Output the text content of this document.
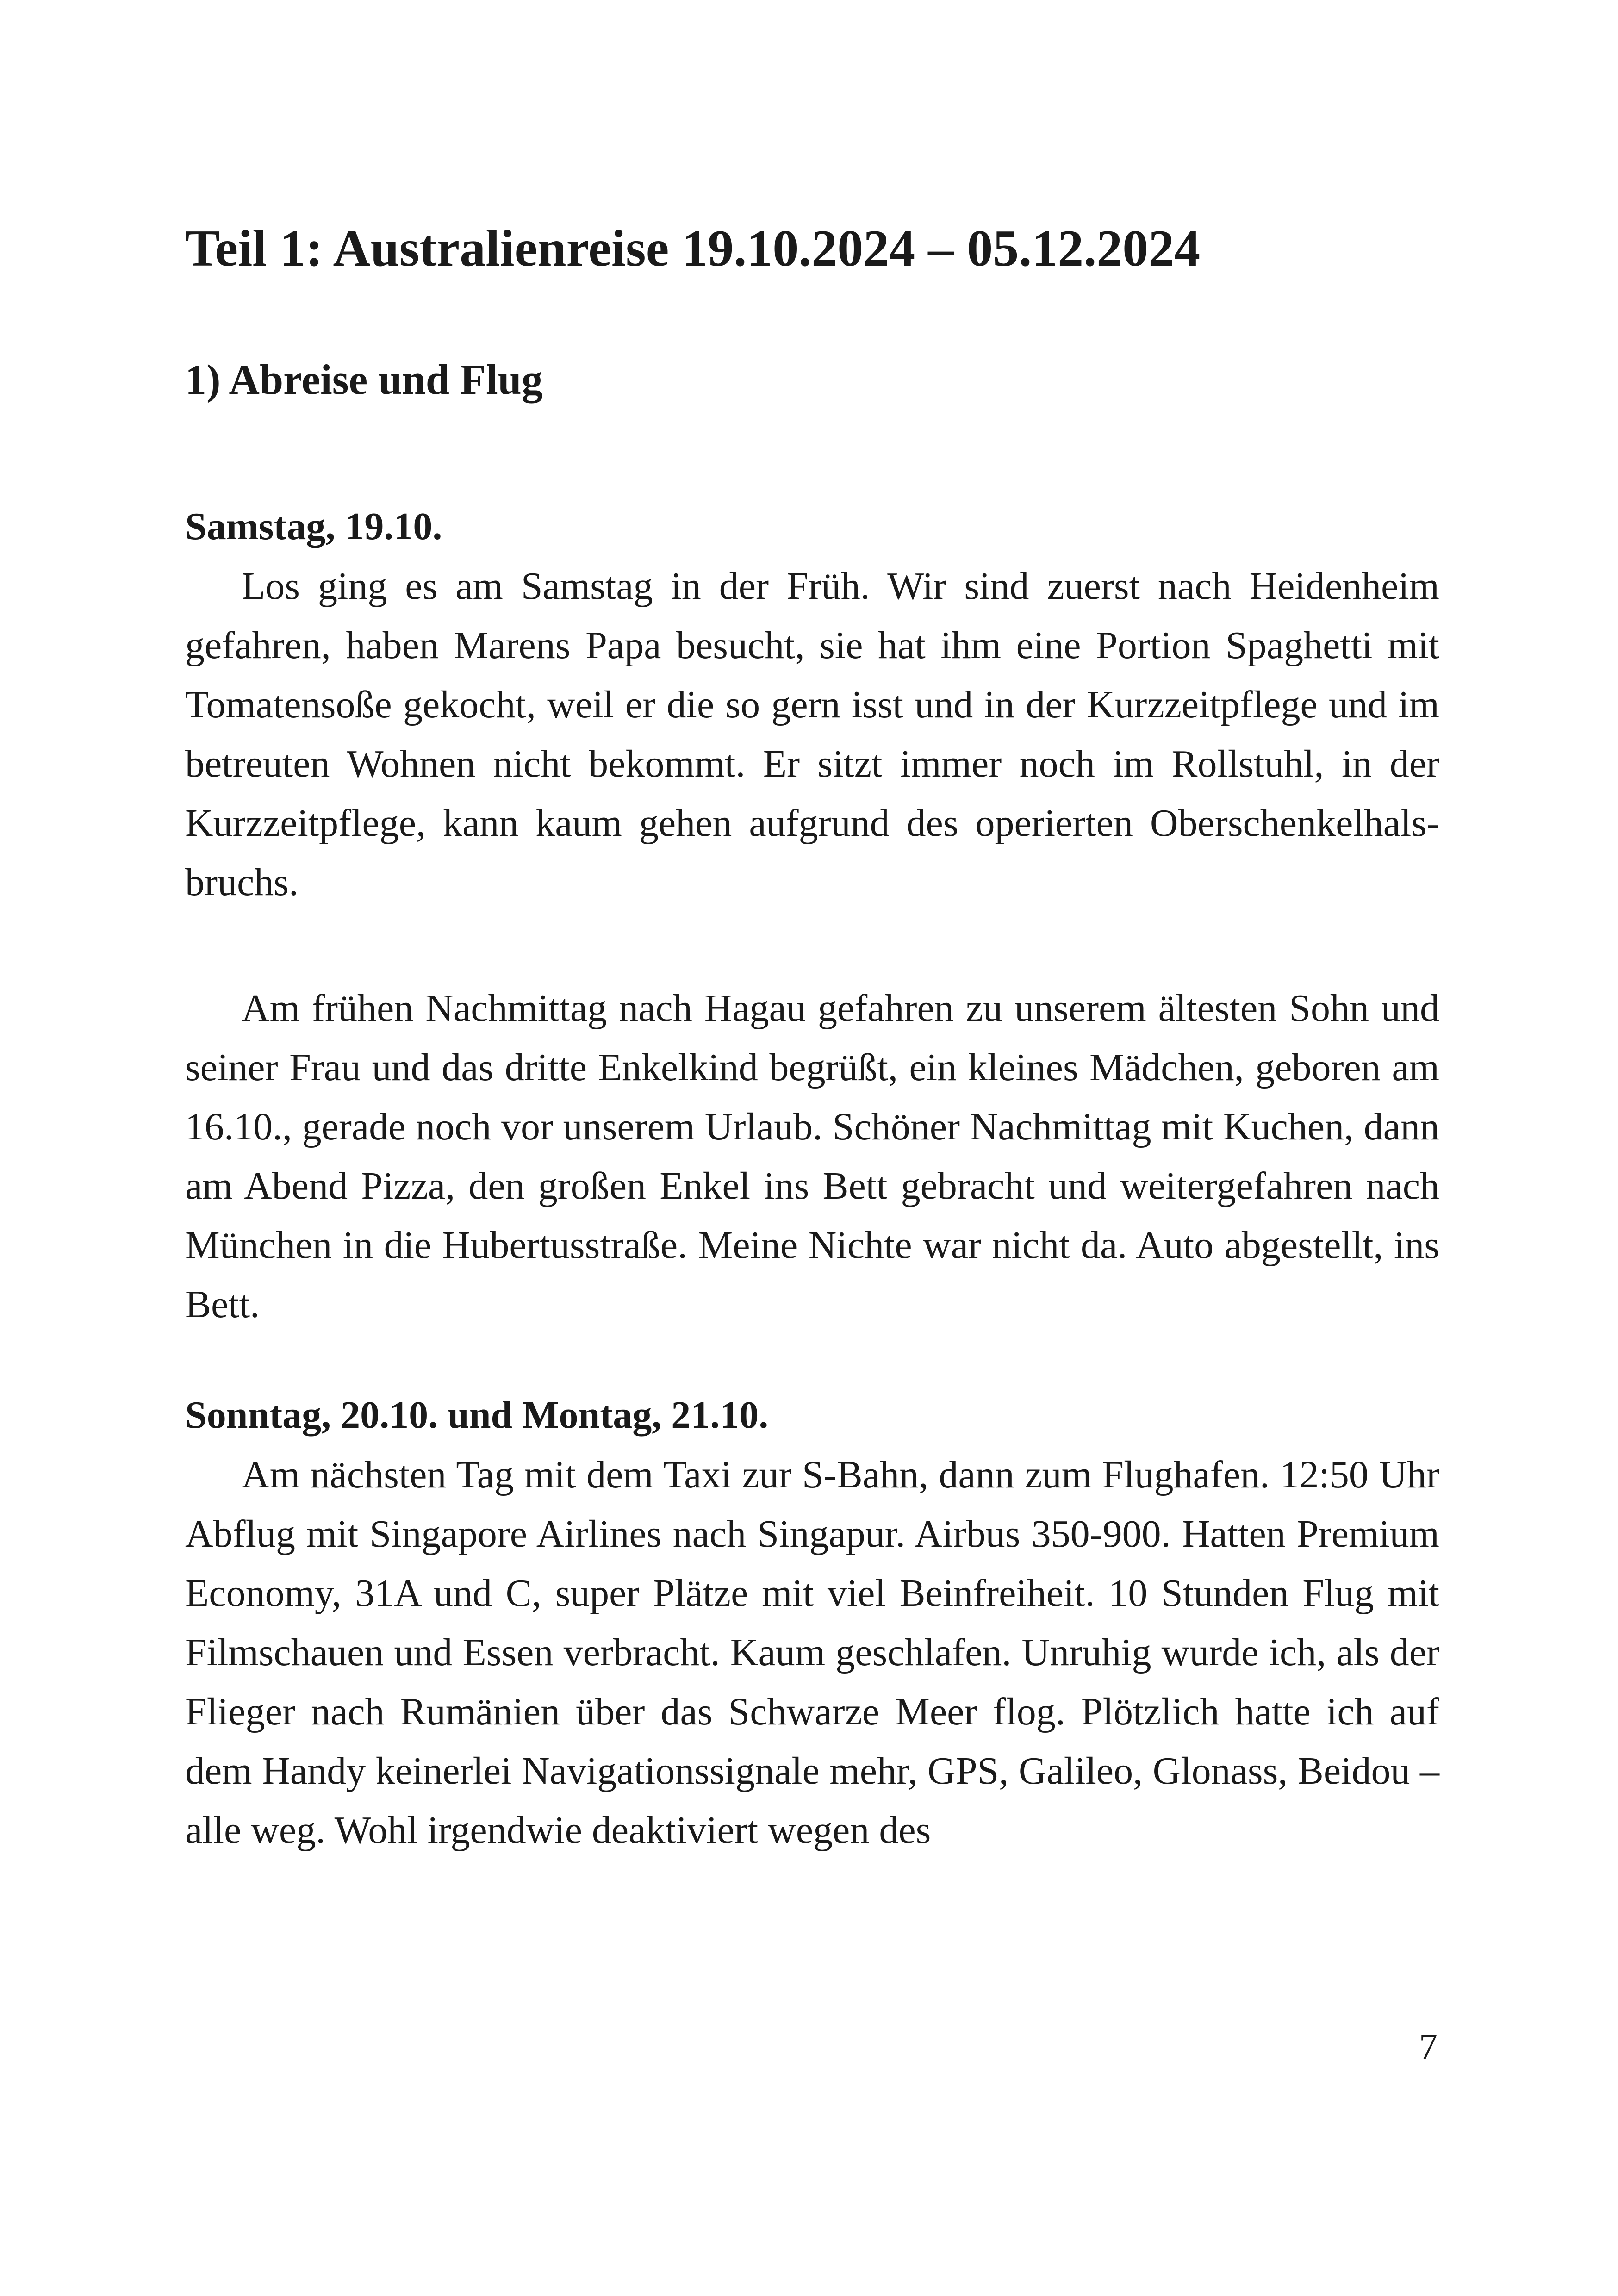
Teil 1: Australienreise 19.10.2024 – 05.12.2024
1) Abreise und Flug
Samstag, 19.10.

Los ging es am Samstag in der Früh. Wir sind zuerst nach Heidenheim gefahren, haben Marens Papa besucht, sie hat ihm eine Portion Spaghetti mit Tomatensoße gekocht, weil er die so gern isst und in der Kurzzeitpflege und im betreuten Wohnen nicht bekommt. Er sitzt immer noch im Rollstuhl, in der Kurzzeitpflege, kann kaum gehen aufgrund des operierten Oberschenkelhalsbruchs.

Am frühen Nachmittag nach Hagau gefahren zu unserem ältesten Sohn und seiner Frau und das dritte Enkelkind begrüßt, ein kleines Mädchen, geboren am 16.10., gerade noch vor unserem Urlaub. Schöner Nachmittag mit Kuchen, dann am Abend Pizza, den großen Enkel ins Bett gebracht und weitergefahren nach München in die Hubertusstraße. Meine Nichte war nicht da. Auto abgestellt, ins Bett.

Sonntag, 20.10. und Montag, 21.10.

Am nächsten Tag mit dem Taxi zur S-Bahn, dann zum Flughafen. 12:50 Uhr Abflug mit Singapore Airlines nach Singapur. Airbus 350-900. Hatten Premium Economy, 31A und C, super Plätze mit viel Beinfreiheit. 10 Stunden Flug mit Filmschauen und Essen verbracht. Kaum geschlafen. Unruhig wurde ich, als der Flieger nach Rumänien über das Schwarze Meer flog. Plötzlich hatte ich auf dem Handy keinerlei Navigationssignale mehr, GPS, Galileo, Glonass, Beidou – alle weg. Wohl irgendwie deaktiviert wegen des

7
